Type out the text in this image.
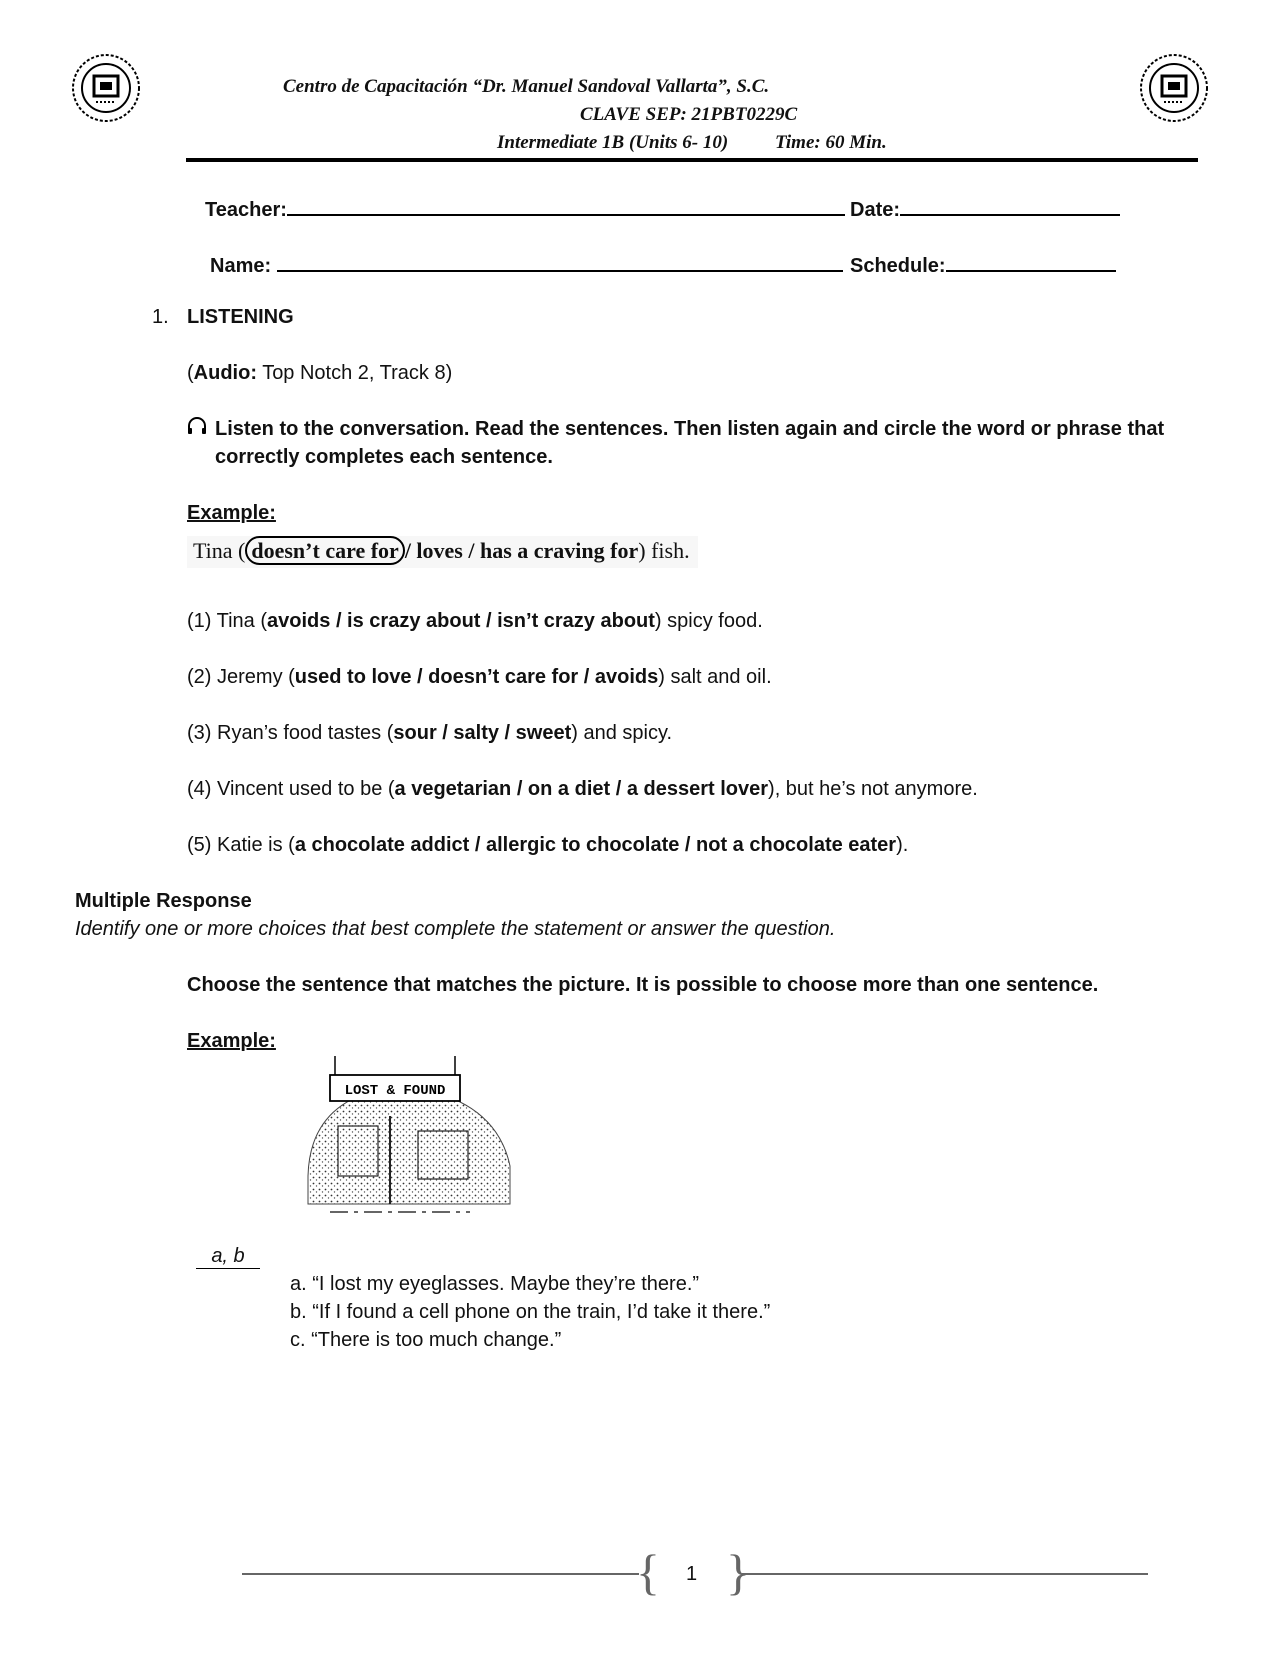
Centro de Capacitación “Dr. Manuel Sandoval Vallarta”, S.C.
CLAVE SEP: 21PBT0229C
Intermediate 1B (Units 6- 10) Time: 60 Min.
Teacher:	Date:
Name:	Schedule:
1. LISTENING
(Audio: Top Notch 2, Track 8)
Listen to the conversation. Read the sentences. Then listen again and circle the word or phrase that
correctly completes each sentence.
Example:
Tina ( doesn’t care for / loves / has a craving for) fish.
(1) Tina (avoids / is crazy about / isn’t crazy about) spicy food.
(2) Jeremy (used to love / doesn’t care for / avoids) salt and oil.
(3) Ryan’s food tastes (sour / salty / sweet) and spicy.
(4) Vincent used to be (a vegetarian / on a diet / a dessert lover), but he’s not anymore.
(5) Katie is (a chocolate addict / allergic to chocolate / not a chocolate eater).
Multiple Response
Identify one or more choices that best complete the statement or answer the question.
Choose the sentence that matches the picture. It is possible to choose more than one sentence.
Example:
LOST & FOUND
a, b
a. “I lost my eyeglasses. Maybe they’re there.”
b. “If I found a cell phone on the train, I’d take it there.”
c. “There is too much change.”
{ }
1
